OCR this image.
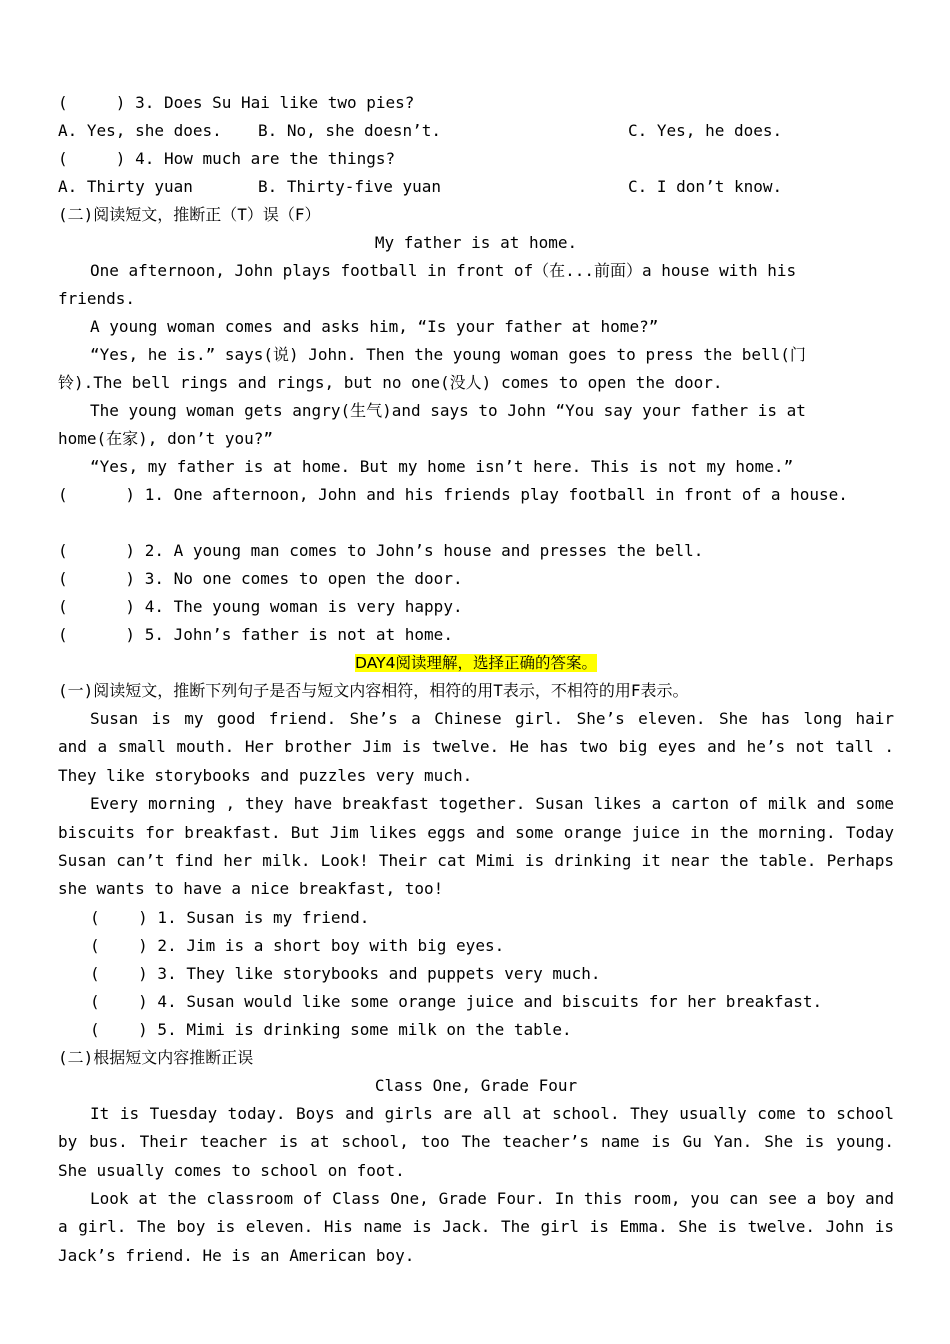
(     ) 3. Does Su Hai like two pies?
A. Yes, she does. B. No, she doesn’t.	C. Yes, he does.
(     ) 4. How much are the things?
A. Thirty yuan	B. Thirty-five yuan	C. I don’t know.
(二)阅读短文，推断正（T）误（F）
My father is at home.
One afternoon, John plays football in front of（在...前面）a house with his
friends.
A young woman comes and asks him, “Is your father at home?”
“Yes, he is.” says(说) John. Then the young woman goes to press the bell(门
铃).The bell rings and rings, but no one(没人) comes to open the door.
The young woman gets angry(生气)and says to John “You say your father is at
home(在家), don’t you?”
“Yes, my father is at home. But my home isn’t here. This is not my home.”
(      ) 1. One afternoon, John and his friends play football in front of a house.
(      ) 2. A young man comes to John’s house and presses the bell.
(      ) 3. No one comes to open the door.
(      ) 4. The young woman is very happy.
(      ) 5. John’s father is not at home.
DAY4阅读理解，选择正确的答案。
(一)阅读短文，推断下列句子是否与短文内容相符，相符的用T表示，不相符的用F表示。
Susan is my good friend. She’s a Chinese girl. She’s eleven. She has long hair
and a small mouth. Her brother Jim is twelve. He has two big eyes and he’s not tall .
They like storybooks and puzzles very much.
Every morning , they have breakfast together. Susan likes a carton of milk and some
biscuits for breakfast. But Jim likes eggs and some orange juice in the morning. Today
Susan can’t find her milk. Look! Their cat Mimi is drinking it near the table. Perhaps
she wants to have a nice breakfast, too!
(    ) 1. Susan is my friend.
(    ) 2. Jim is a short boy with big eyes.
(    ) 3. They like storybooks and puppets very much.
(    ) 4. Susan would like some orange juice and biscuits for her breakfast.
(    ) 5. Mimi is drinking some milk on the table.
(二)根据短文内容推断正误
Class One, Grade Four
It is Tuesday today. Boys and girls are all at school. They usually come to school
by bus. Their teacher is at school, too The teacher’s name is Gu Yan. She is young.
She usually comes to school on foot.
Look at the classroom of Class One, Grade Four. In this room, you can see a boy and
a girl. The boy is eleven. His name is Jack. The girl is Emma. She is twelve. John is
Jack’s friend. He is an American boy.
